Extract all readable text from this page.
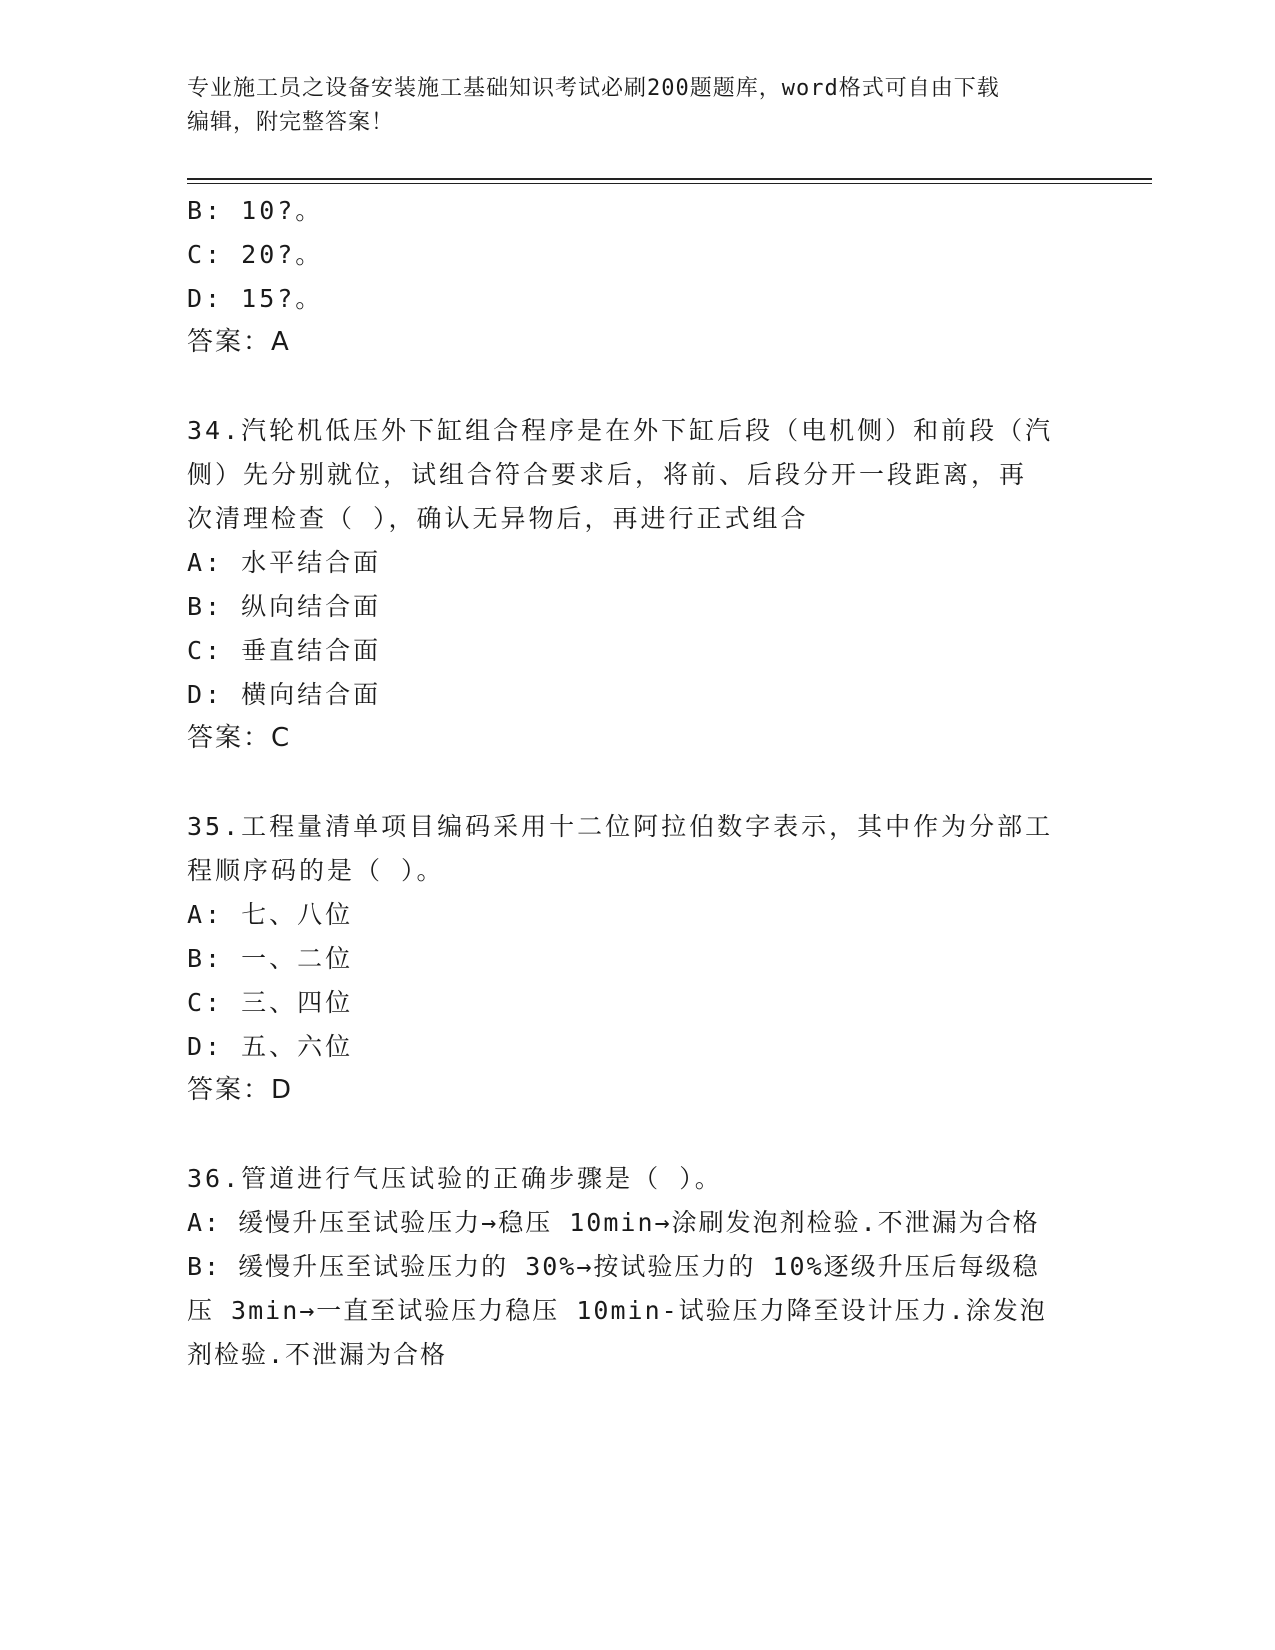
专业施工员之设备安装施工基础知识考试必刷200题题库，word格式可自由下载
编辑，附完整答案！
B: 10?。
C: 20?。
D: 15?。
答案：A
34.汽轮机低压外下缸组合程序是在外下缸后段（电机侧）和前段（汽
侧）先分别就位，试组合符合要求后，将前、后段分开一段距离，再
次清理检查（ ），确认无异物后，再进行正式组合
A: 水平结合面
B: 纵向结合面
C: 垂直结合面
D: 横向结合面
答案：C
35.工程量清单项目编码采用十二位阿拉伯数字表示，其中作为分部工
程顺序码的是（ ）。
A: 七、八位
B: 一、二位
C: 三、四位
D: 五、六位
答案：D
36.管道进行气压试验的正确步骤是（ ）。
A: 缓慢升压至试验压力→稳压 10min→涂刷发泡剂检验.不泄漏为合格
B: 缓慢升压至试验压力的 30%→按试验压力的 10%逐级升压后每级稳
压 3min→一直至试验压力稳压 10min-试验压力降至设计压力.涂发泡
剂检验.不泄漏为合格
